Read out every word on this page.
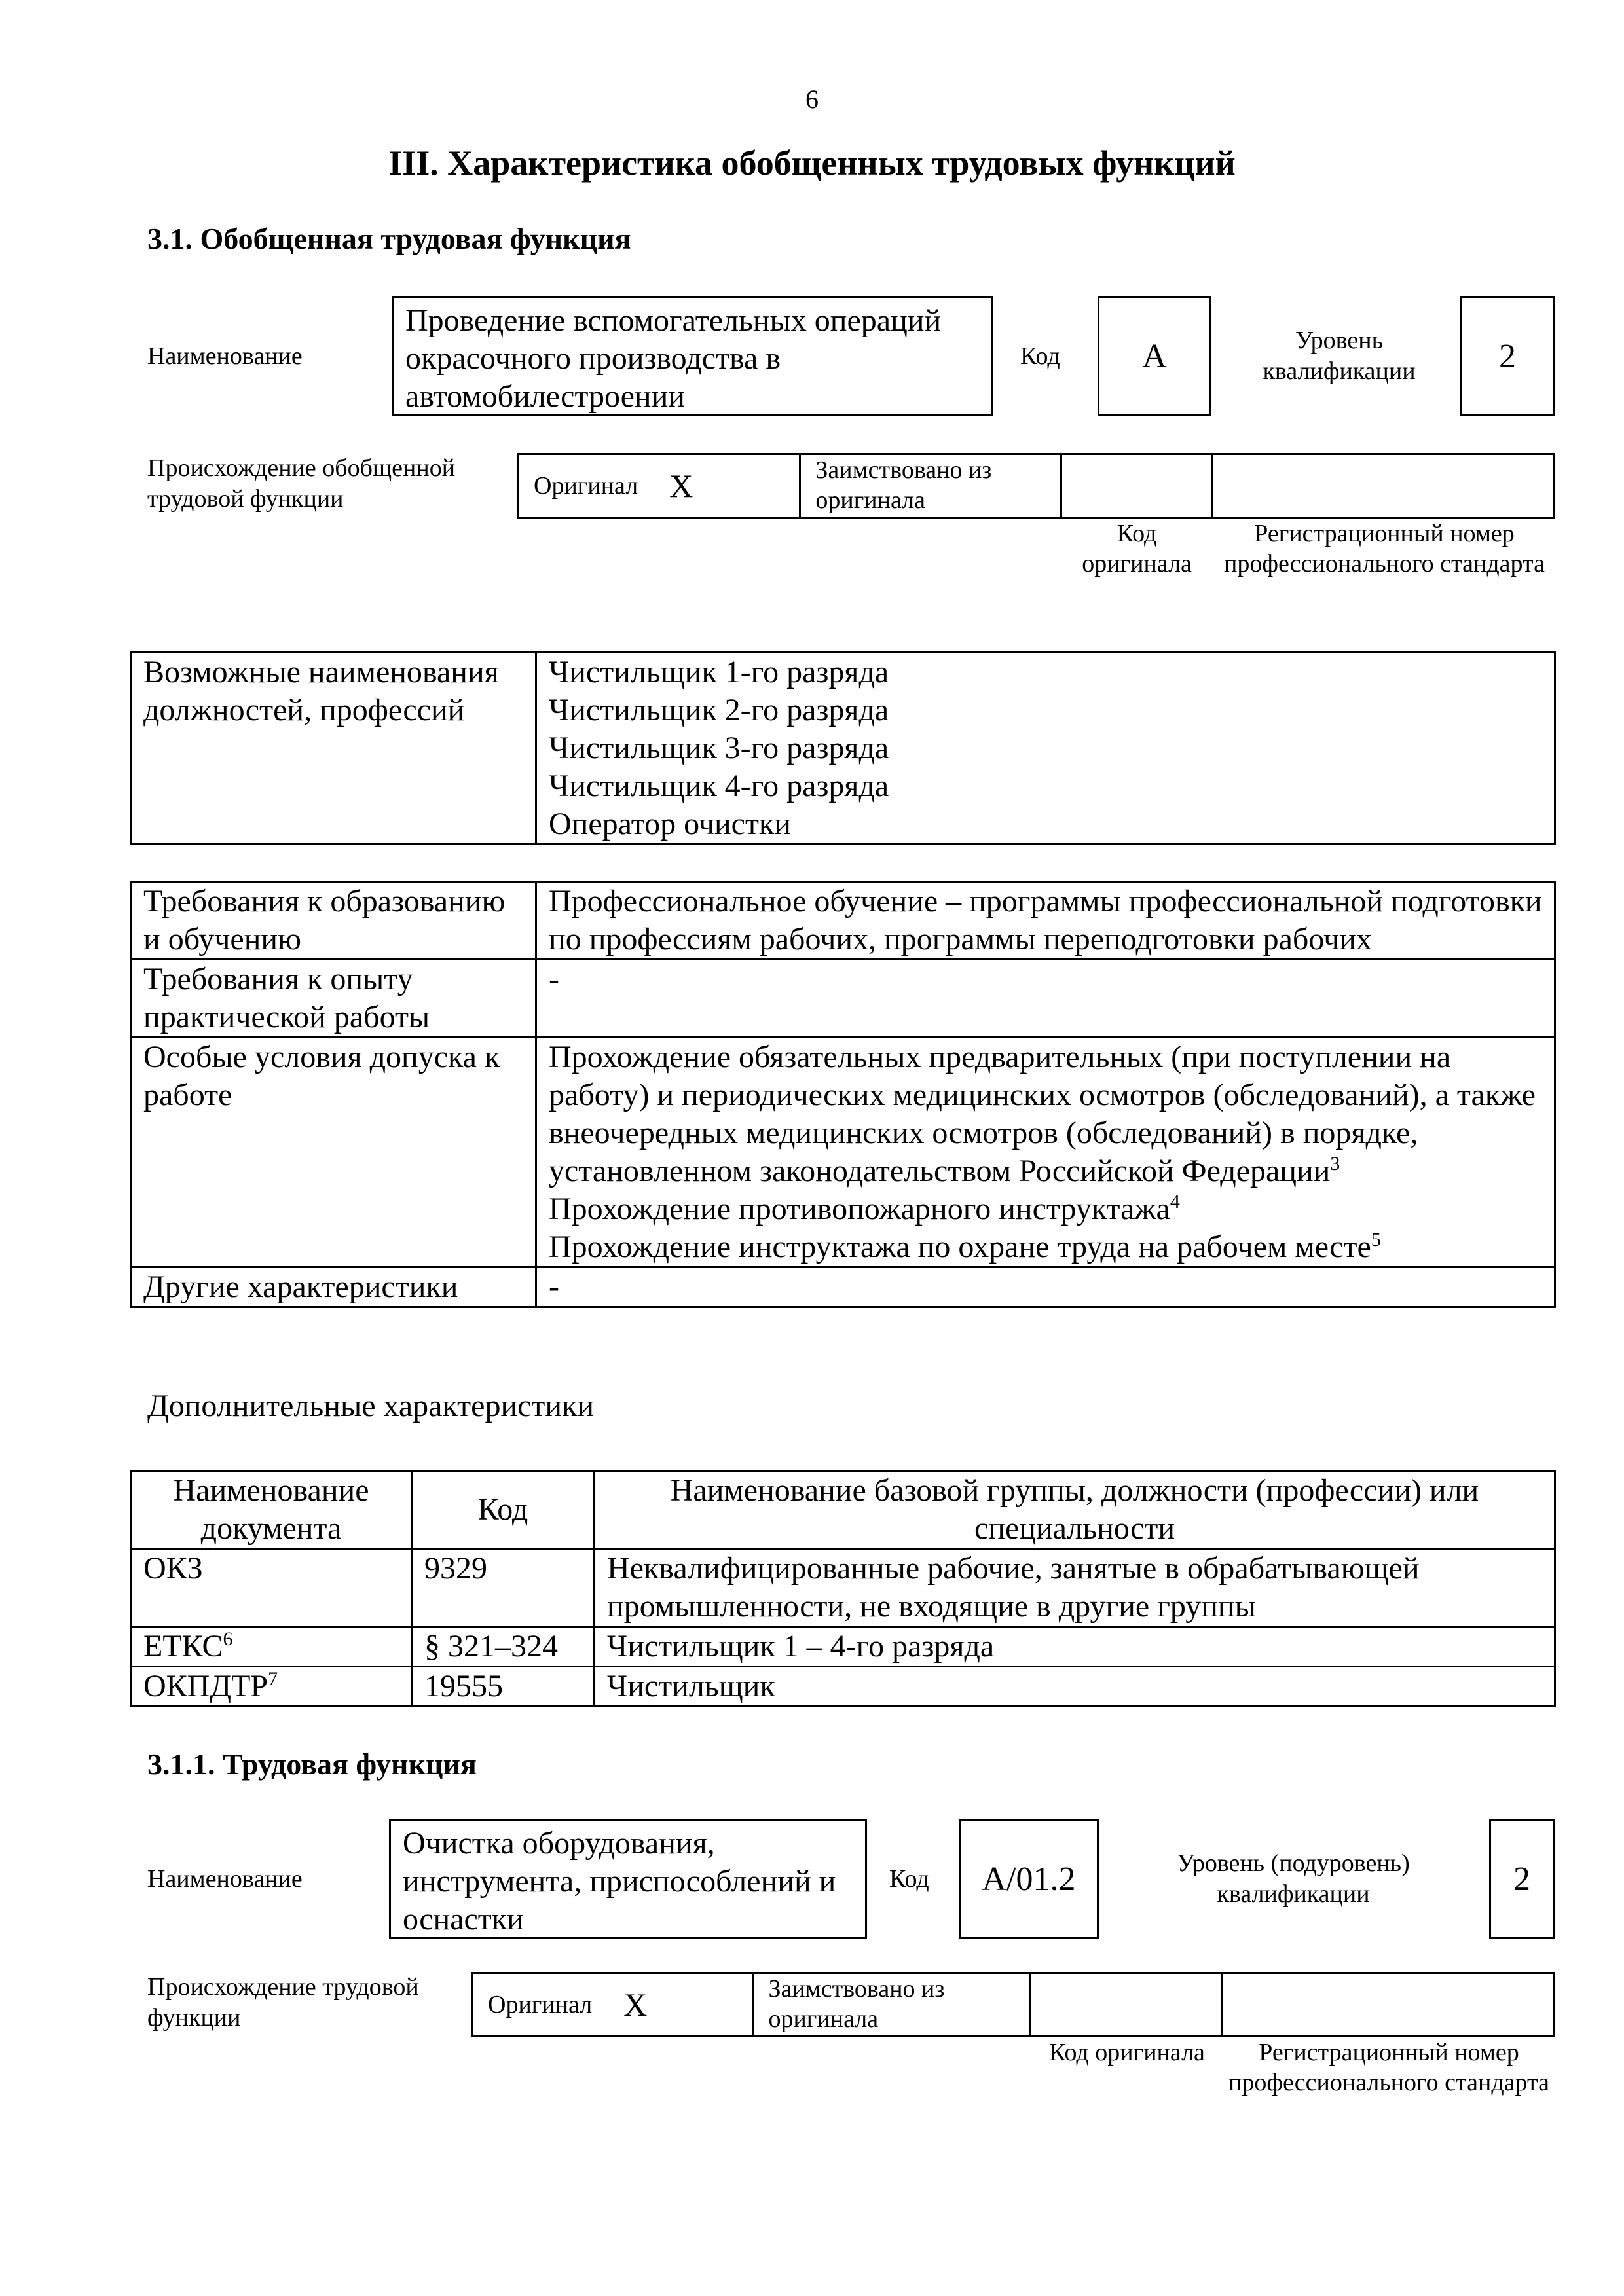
6
III. Характеристика обобщенных трудовых функций
3.1. Обобщенная трудовая функция
Наименование
Проведение вспомогательных операций окрасочного производства в автомобилестроении
Код	А	Уровень квалификации	2
Происхождение обобщенной трудовой функции	Оригинал X	Заимствовано из оригинала
Код оригинала
Регистрационный номер профессионального стандарта
Возможные наименования должностей, профессий	
Чистильщик 1-го разряда
Чистильщик 2-го разряда
Чистильщик 3-го разряда
Чистильщик 4-го разряда
Оператор очистки
Требования к образованию и обучению	Профессиональное обучение – программы профессиональной подготовки по профессиям рабочих, программы переподготовки рабочих

Требования к опыту практической работы	-

Особые условия допуска к работе	Прохождение обязательных предварительных (при поступлении на работу) и периодических медицинских осмотров (обследований), а также внеочередных медицинских осмотров (обследований) в порядке, установленном законодательством Российской Федерации$^3$
Прохождение противопожарного инструктажа$^4$
Прохождение инструктажа по охране труда на рабочем месте$^5$

Другие характеристики	-
Дополнительные характеристики
Наименование документа	Код	Наименование базовой группы, должности (профессии) или специальности
ОКЗ	9329	Неквалифицированные рабочие, занятые в обрабатывающей промышленности, не входящие в другие группы
ЕТКС$^6$	§ 321–324	Чистильщик 1 – 4-го разряда
ОКПДТР$^7$	19555	Чистильщик
3.1.1. Трудовая функция
Наименование
Очистка оборудования, инструмента, приспособлений и оснастки
Код	А/01.2	Уровень (подуровень) квалификации	2
Происхождение трудовой функции	Оригинал X	Заимствовано из оригинала
Код оригинала	Регистрационный номер профессионального стандарта
